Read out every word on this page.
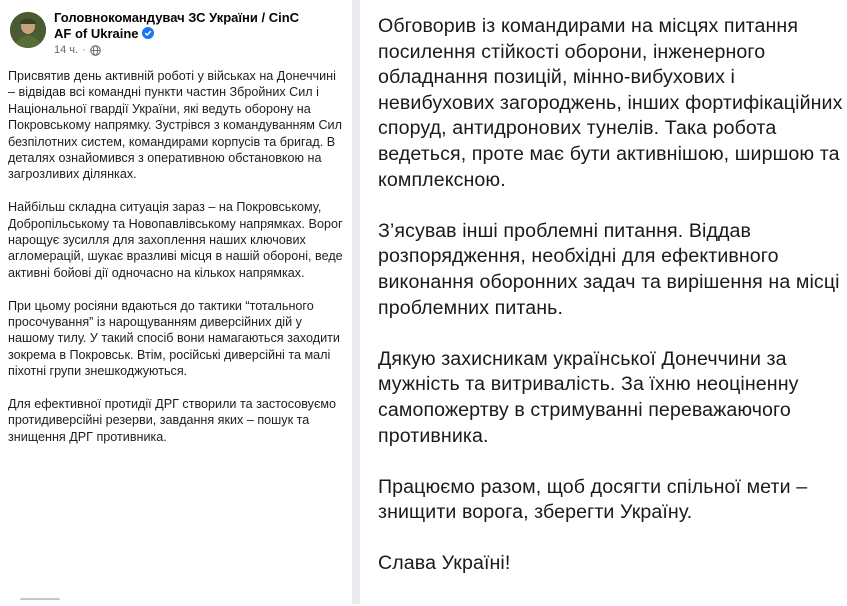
Головнокомандувач ЗС України / CinC
AF of Ukraine
14 ч. ·

Присвятив день активній роботі у військах на Донеччині – відвідав всі командні пункти частин Збройних Сил і Національної гвардії України, які ведуть оборону на Покровському напрямку. Зустрівся з командуванням Сил безпілотних систем, командирами корпусів та бригад. В деталях ознайомився з оперативною обстановкою на загрозливих ділянках.

Найбільш складна ситуація зараз – на Покровському, Добропільському та Новопавлівському напрямках. Ворог нарощує зусилля для захоплення наших ключових агломерацій, шукає вразливі місця в нашій обороні, веде активні бойові дії одночасно на кількох напрямках.

При цьому росіяни вдаються до тактики “тотального просочування” із нарощуванням диверсійних дій у нашому тилу. У такий спосіб вони намагаються заходити зокрема в Покровськ. Втім, російські диверсійні та малі піхотні групи знешкоджуються.

Для ефективної протидії ДРГ створили та застосовуємо протидиверсійні резерви, завдання яких – пошук та знищення ДРГ противника.

Обговорив із командирами на місцях питання посилення стійкості оборони, інженерного обладнання позицій, мінно-вибухових і невибухових загороджень, інших фортифікаційних споруд, антидронових тунелів. Така робота ведеться, проте має бути активнішою, ширшою та комплексною.

З’ясував інші проблемні питання. Віддав розпорядження, необхідні для ефективного виконання оборонних задач та вирішення на місці проблемних питань.

Дякую захисникам української Донеччини за мужність та витривалість. За їхню неоціненну самопожертву в стримуванні переважаючого противника.

Працюємо разом, щоб досягти спільної мети – знищити ворога, зберегти Україну.

Слава Україні!
